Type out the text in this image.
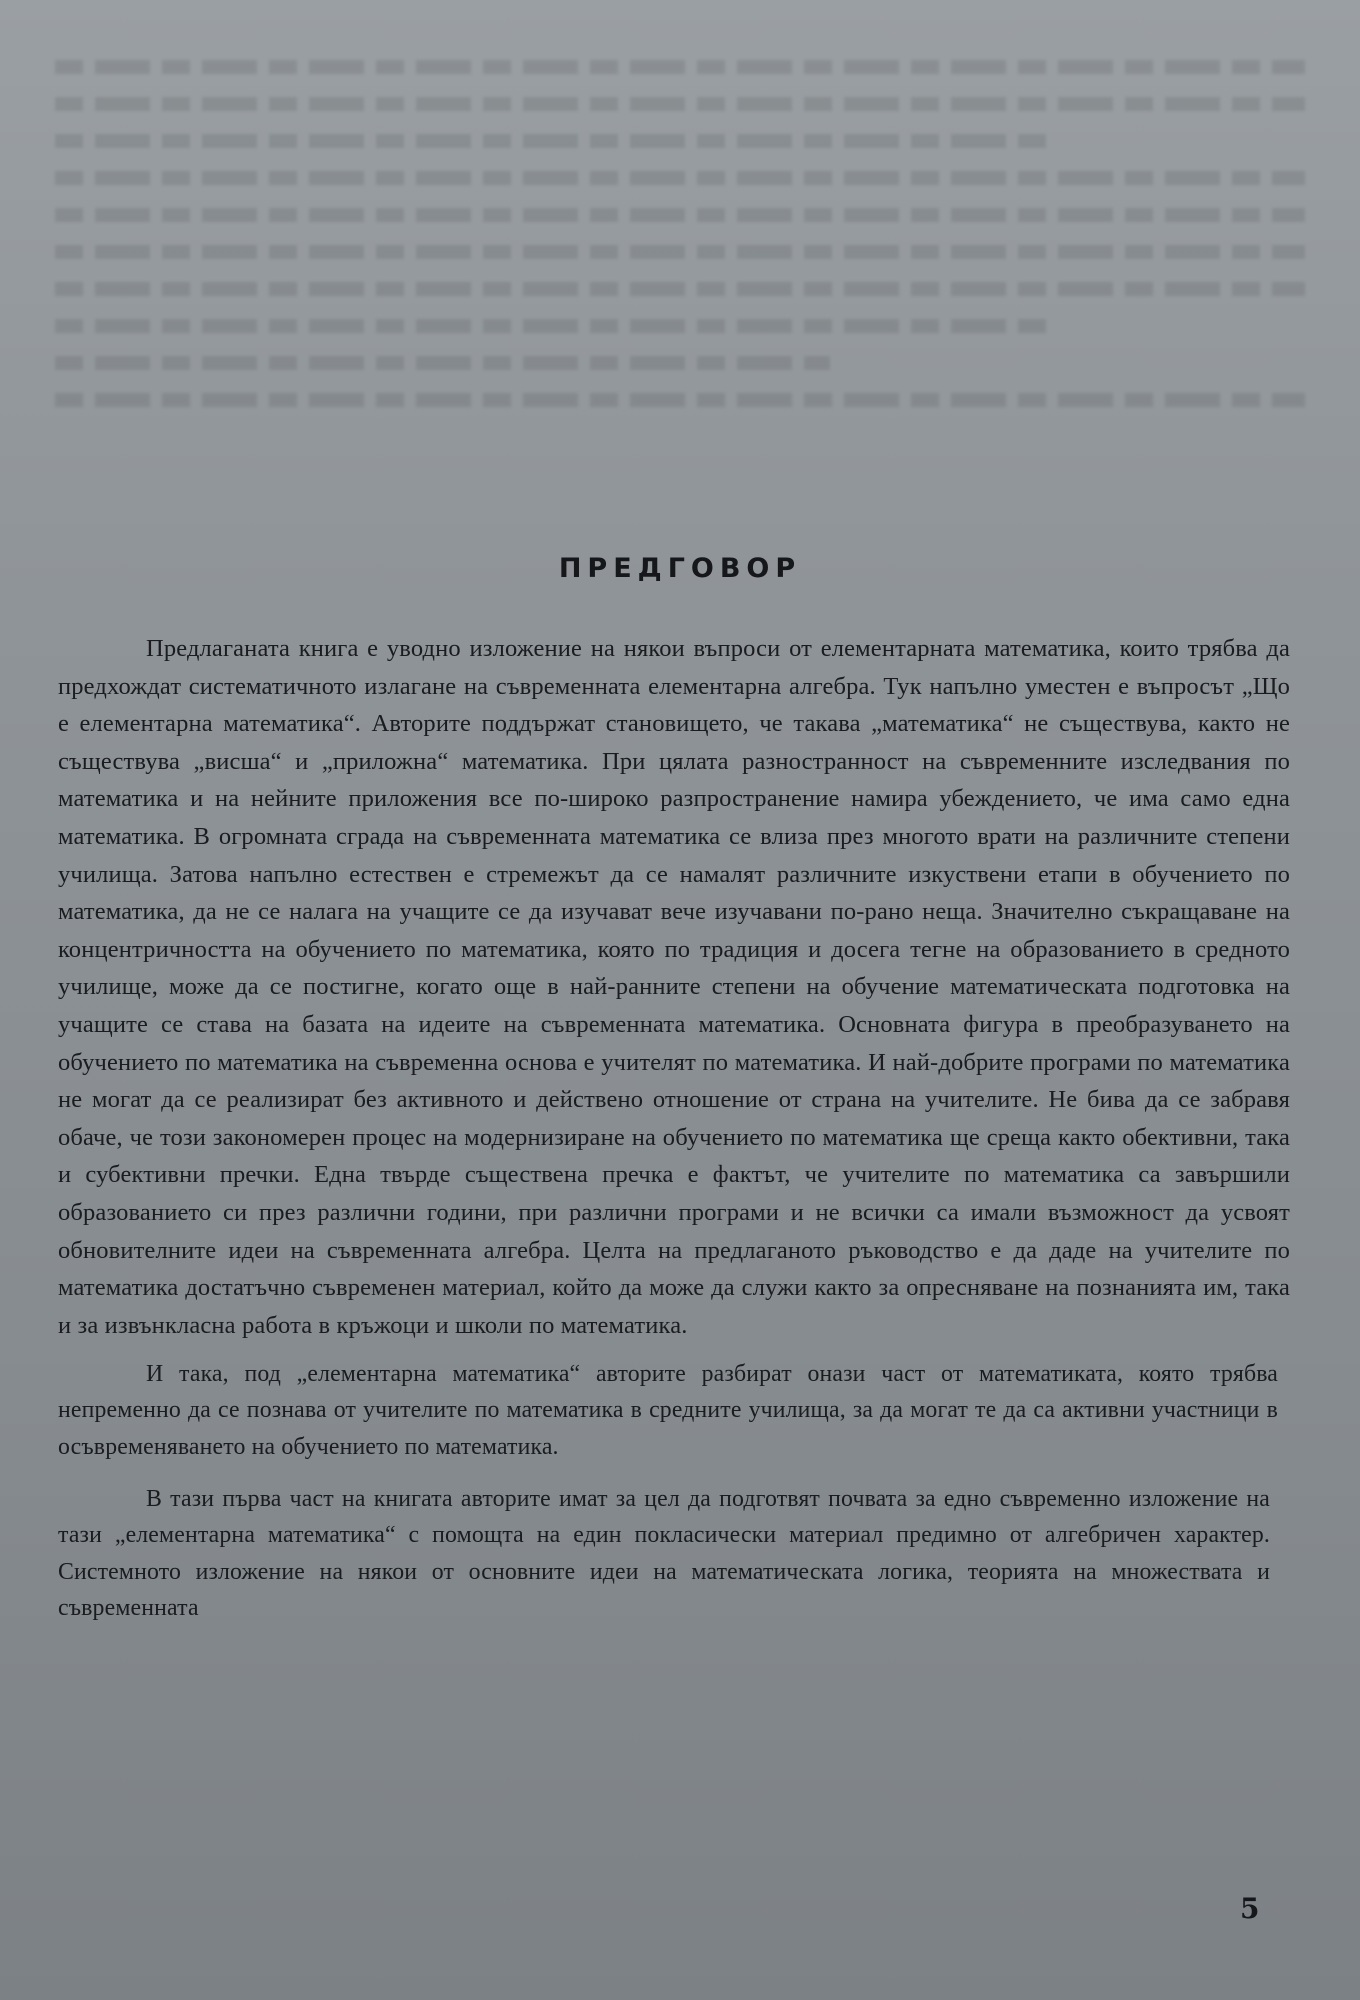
ПРЕДГОВОР

Предлаганата книга е уводно изложение на някои въпроси от елементарната математика, които трябва да предхождат систематичното излагане на съвременната елементарна алгебра. Тук напълно уместен е въпросът „Що е елементарна математика“. Авторите поддържат становището, че такава „математика“ не съществува, както не съществува „висша“ и „приложна“ математика. При цялата разностранност на съвременните изследвания по математика и на нейните приложения все по-широко разпространение намира убеждението, че има само една математика. В огромната сграда на съвременната математика се влиза през многото врати на различните степени училища. Затова напълно естествен е стремежът да се намалят различните изкуствени етапи в обучението по математика, да не се налага на учащите се да изучават вече изучавани по-рано неща. Значително съкращаване на концентричността на обучението по математика, която по традиция и досега тегне на образованието в средното училище, може да се постигне, когато още в най-ранните степени на обучение математическата подготовка на учащите се става на базата на идеите на съвременната математика. Основната фигура в преобразуването на обучението по математика на съвременна основа е учителят по математика. И най-добрите програми по математика не могат да се реализират без активното и действено отношение от страна на учителите. Не бива да се забравя обаче, че този закономерен процес на модернизиране на обучението по математика ще среща както обективни, така и субективни пречки. Една твърде съществена пречка е фактът, че учителите по математика са завършили образованието си през различни години, при различни програми и не всички са имали възможност да усвоят обновителните идеи на съвременната алгебра. Целта на предлаганото ръководство е да даде на учителите по математика достатъчно съвременен материал, който да може да служи както за опресняване на познанията им, така и за извънкласна работа в кръжоци и школи по математика.

И така, под „елементарна математика“ авторите разбират онази част от математиката, която трябва непременно да се познава от учителите по математика в средните училища, за да могат те да са активни участници в осъвременяването на обучението по математика.

В тази първа част на книгата авторите имат за цел да подготвят почвата за едно съвременно изложение на тази „елементарна математика“ с помощта на един покласически материал предимно от алгебричен характер. Системното изложение на някои от основните идеи на математическата логика, теорията на множествата и съвременната

5
